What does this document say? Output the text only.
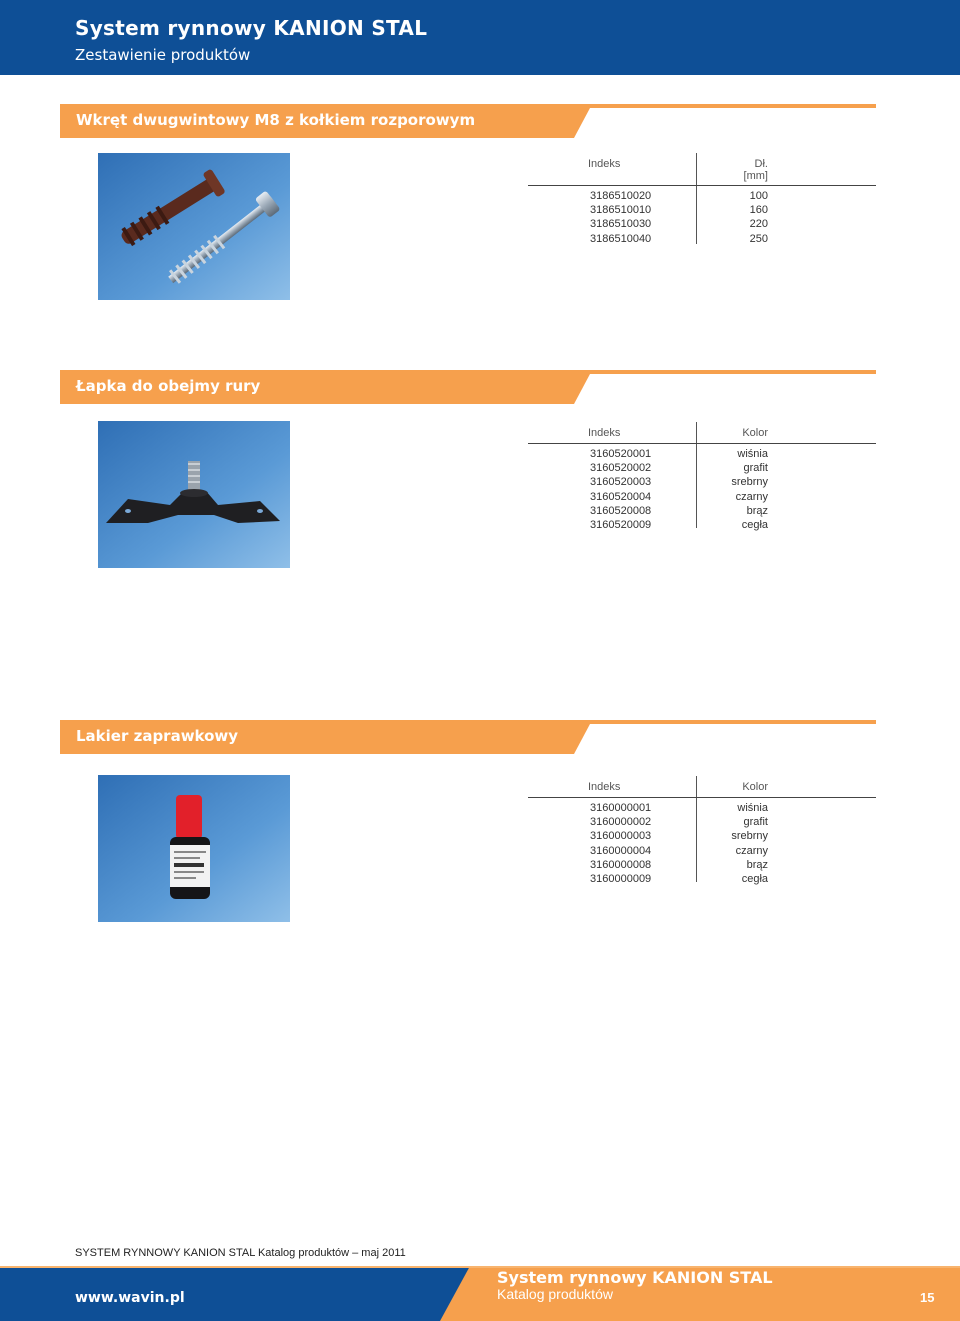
System rynnowy KANION STAL
Zestawienie produktów
Wkręt dwugwintowy M8 z kołkiem rozporowym
Indeks	Dł.
[mm]
3186510020	100
3186510010	160
3186510030	220
3186510040	250
Łapka do obejmy rury
Indeks	Kolor
3160520001	wiśnia
3160520002	grafit
3160520003	srebrny
3160520004	czarny
3160520008	brąz
3160520009	cegła
Lakier zaprawkowy
Indeks	Kolor
3160000001	wiśnia
3160000002	grafit
3160000003	srebrny
3160000004	czarny
3160000008	brąz
3160000009	cegła
SYSTEM RYNNOWY KANION STAL Katalog produktów – maj 2011
www.wavin.pl
System rynnowy KANION STAL
Katalog produktów	15
